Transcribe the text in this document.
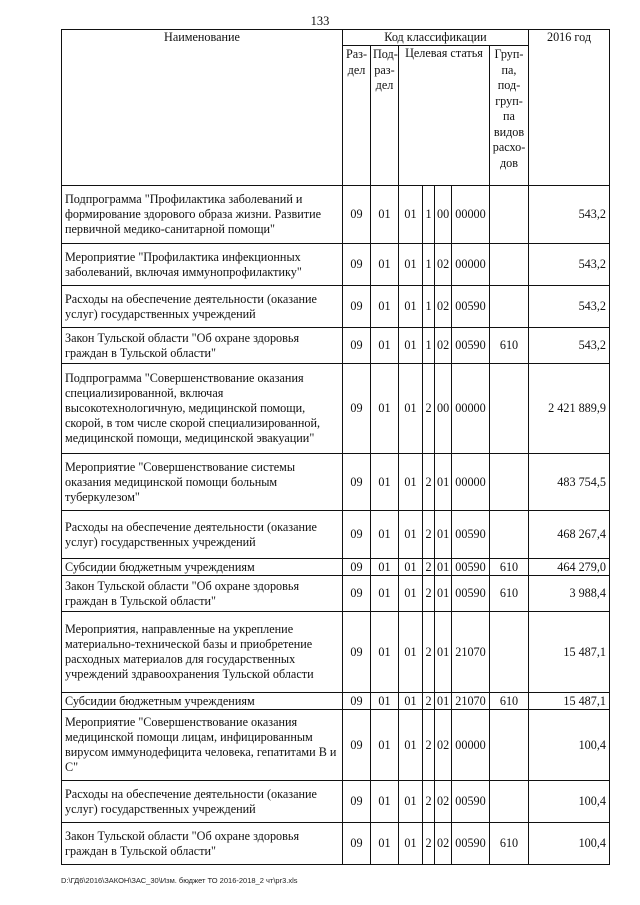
133
Наименование	Код классификации							2016 год
	Раз- дел	Под- раз- дел	Целевая статья				Груп- па, под- груп- па видов расхо- дов	

Подпрограмма "Профилактика заболеваний и формирование здорового образа жизни. Развитие первичной медико-санитарной помощи"	09	01	01	1	00	00000		543,2
Мероприятие "Профилактика инфекционных заболеваний, включая иммунопрофилактику"	09	01	01	1	02	00000		543,2
Расходы на обеспечение деятельности (оказание услуг) государственных учреждений	09	01	01	1	02	00590		543,2
Закон Тульской области "Об охране здоровья граждан в Тульской области"	09	01	01	1	02	00590	610	543,2
Подпрограмма "Совершенствование оказания специализированной, включая высокотехнологичную, медицинской помощи, скорой, в том числе скорой специализированной, медицинской помощи, медицинской эвакуации"	09	01	01	2	00	00000		2 421 889,9
Мероприятие "Совершенствование системы оказания медицинской помощи больным туберкулезом"	09	01	01	2	01	00000		483 754,5
Расходы на обеспечение деятельности (оказание услуг) государственных учреждений	09	01	01	2	01	00590		468 267,4
Субсидии бюджетным учреждениям	09	01	01	2	01	00590	610	464 279,0
Закон Тульской области "Об охране здоровья граждан в Тульской области"	09	01	01	2	01	00590	610	3 988,4
Мероприятия, направленные на укрепление материально-технической базы и приобретение расходных материалов для государственных учреждений здравоохранения Тульской области	09	01	01	2	01	21070		15 487,1
Субсидии бюджетным учреждениям	09	01	01	2	01	21070	610	15 487,1
Мероприятие "Совершенствование оказания медицинской помощи лицам, инфицированным вирусом иммунодефицита человека, гепатитами В и С"	09	01	01	2	02	00000		100,4
Расходы на обеспечение деятельности (оказание услуг) государственных учреждений	09	01	01	2	02	00590		100,4
Закон Тульской области "Об охране здоровья граждан в Тульской области"	09	01	01	2	02	00590	610	100,4
D:\ГД6\2016\ЗАКОН\ЗАС_30\Изм. бюджет ТО 2016-2018_2 чт\pr3.xls
